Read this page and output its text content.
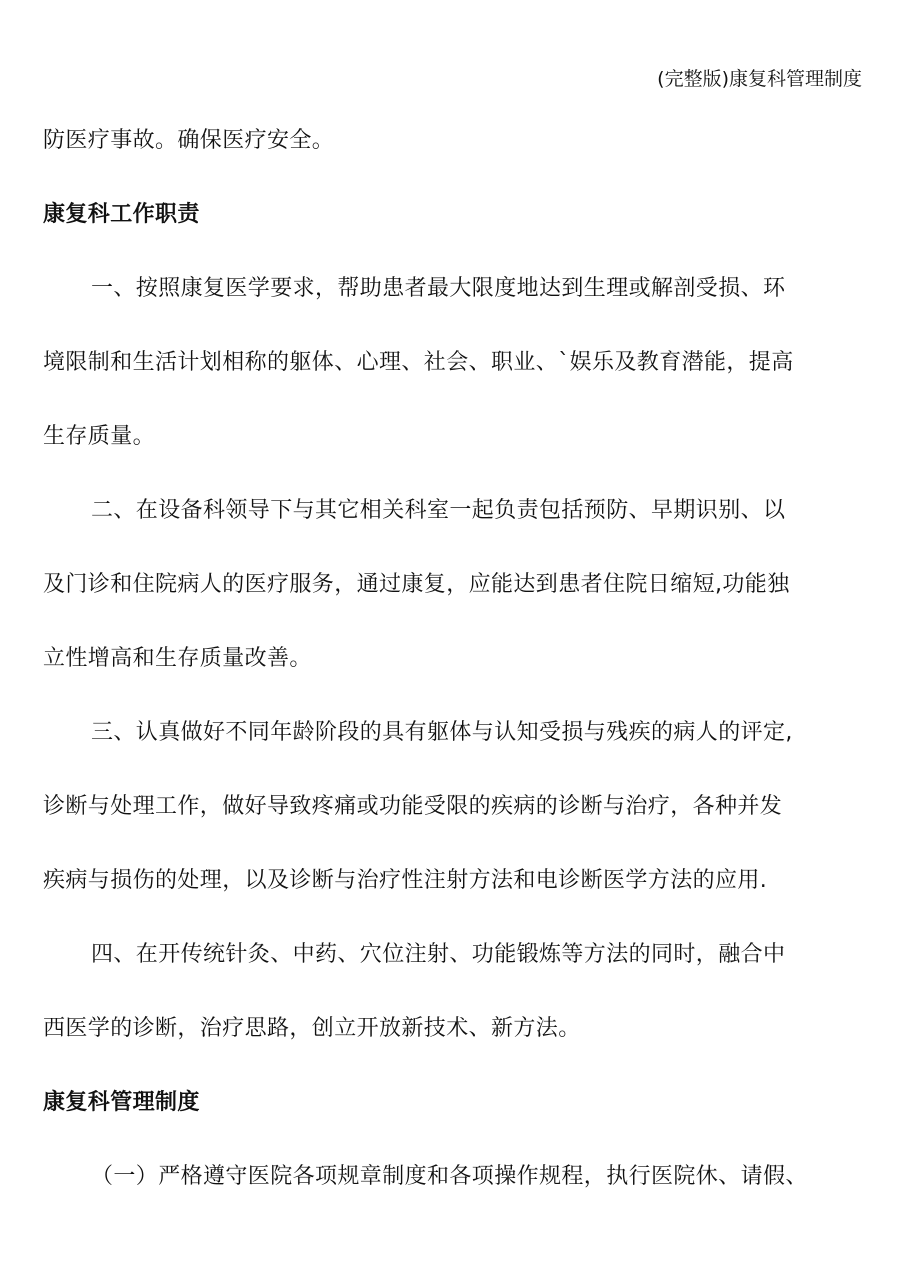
(完整版)康复科管理制度

防医疗事故。确保医疗安全。

康复科工作职责

一、按照康复医学要求，帮助患者最大限度地达到生理或解剖受损、环
境限制和生活计划相称的躯体、心理、社会、职业、`娱乐及教育潜能，提高
生存质量。

二、在设备科领导下与其它相关科室一起负责包括预防、早期识别、以
及门诊和住院病人的医疗服务，通过康复，应能达到患者住院日缩短,功能独
立性增高和生存质量改善。

三、认真做好不同年龄阶段的具有躯体与认知受损与残疾的病人的评定,
诊断与处理工作，做好导致疼痛或功能受限的疾病的诊断与治疗，各种并发
疾病与损伤的处理，以及诊断与治疗性注射方法和电诊断医学方法的应用.

四、在开传统针灸、中药、穴位注射、功能锻炼等方法的同时，融合中
西医学的诊断，治疗思路，创立开放新技术、新方法。

康复科管理制度

（一）严格遵守医院各项规章制度和各项操作规程，执行医院休、请假、
